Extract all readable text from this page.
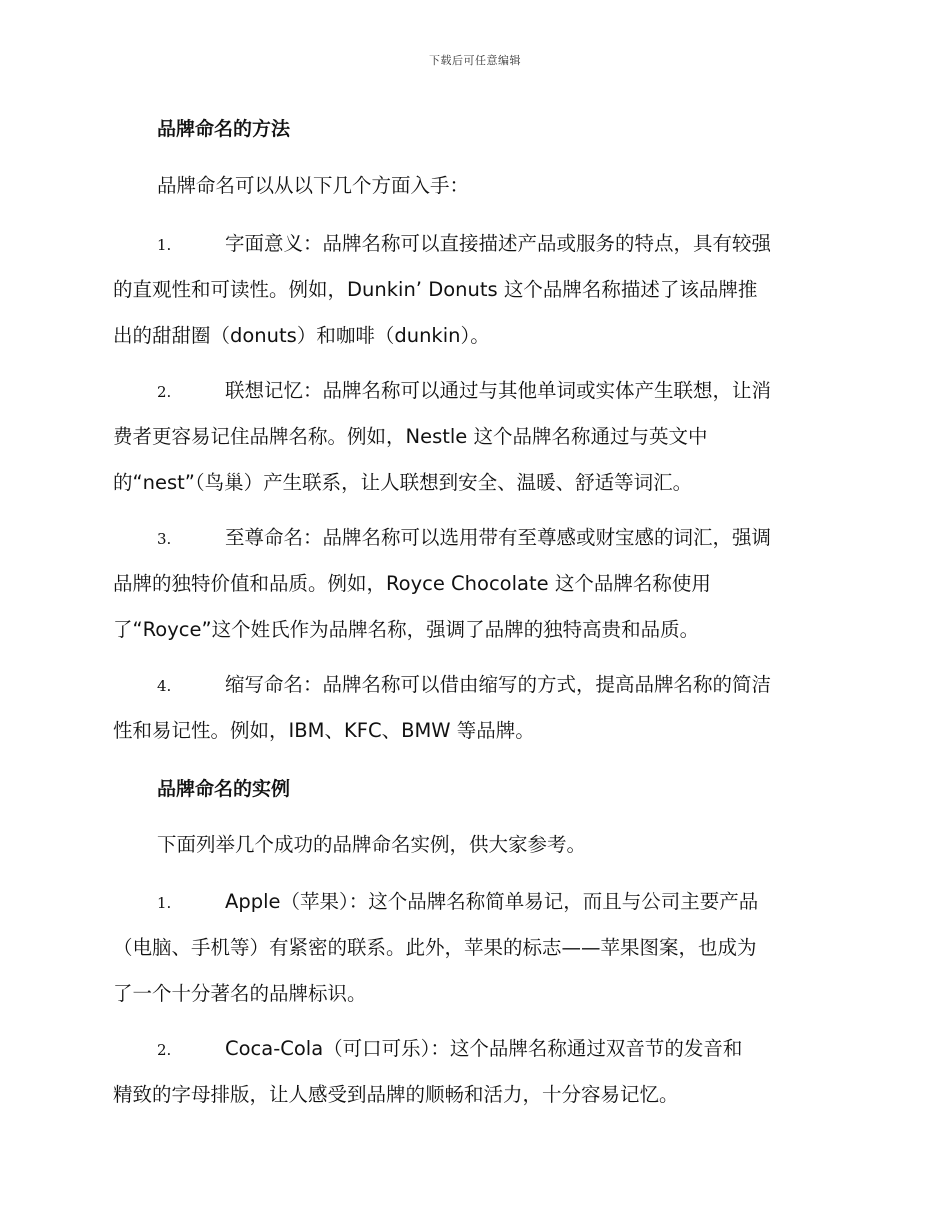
下载后可任意编辑
品牌命名的方法
品牌命名可以从以下几个方面入手：
1.	字面意义：品牌名称可以直接描述产品或服务的特点，具有较强
的直观性和可读性。例如，Dunkin’ Donuts 这个品牌名称描述了该品牌推
出的甜甜圈（donuts）和咖啡（dunkin）。
2.	联想记忆：品牌名称可以通过与其他单词或实体产生联想，让消
费者更容易记住品牌名称。例如，Nestle 这个品牌名称通过与英文中
的“nest”（鸟巢）产生联系，让人联想到安全、温暖、舒适等词汇。
3.	至尊命名：品牌名称可以选用带有至尊感或财宝感的词汇，强调
品牌的独特价值和品质。例如，Royce Chocolate 这个品牌名称使用
了“Royce”这个姓氏作为品牌名称，强调了品牌的独特高贵和品质。
4.	缩写命名：品牌名称可以借由缩写的方式，提高品牌名称的简洁
性和易记性。例如，IBM、KFC、BMW 等品牌。
品牌命名的实例
下面列举几个成功的品牌命名实例，供大家参考。
1.	Apple（苹果）：这个品牌名称简单易记，而且与公司主要产品
（电脑、手机等）有紧密的联系。此外，苹果的标志——苹果图案，也成为
了一个十分著名的品牌标识。
2.	Coca-Cola（可口可乐）：这个品牌名称通过双音节的发音和
精致的字母排版，让人感受到品牌的顺畅和活力，十分容易记忆。
